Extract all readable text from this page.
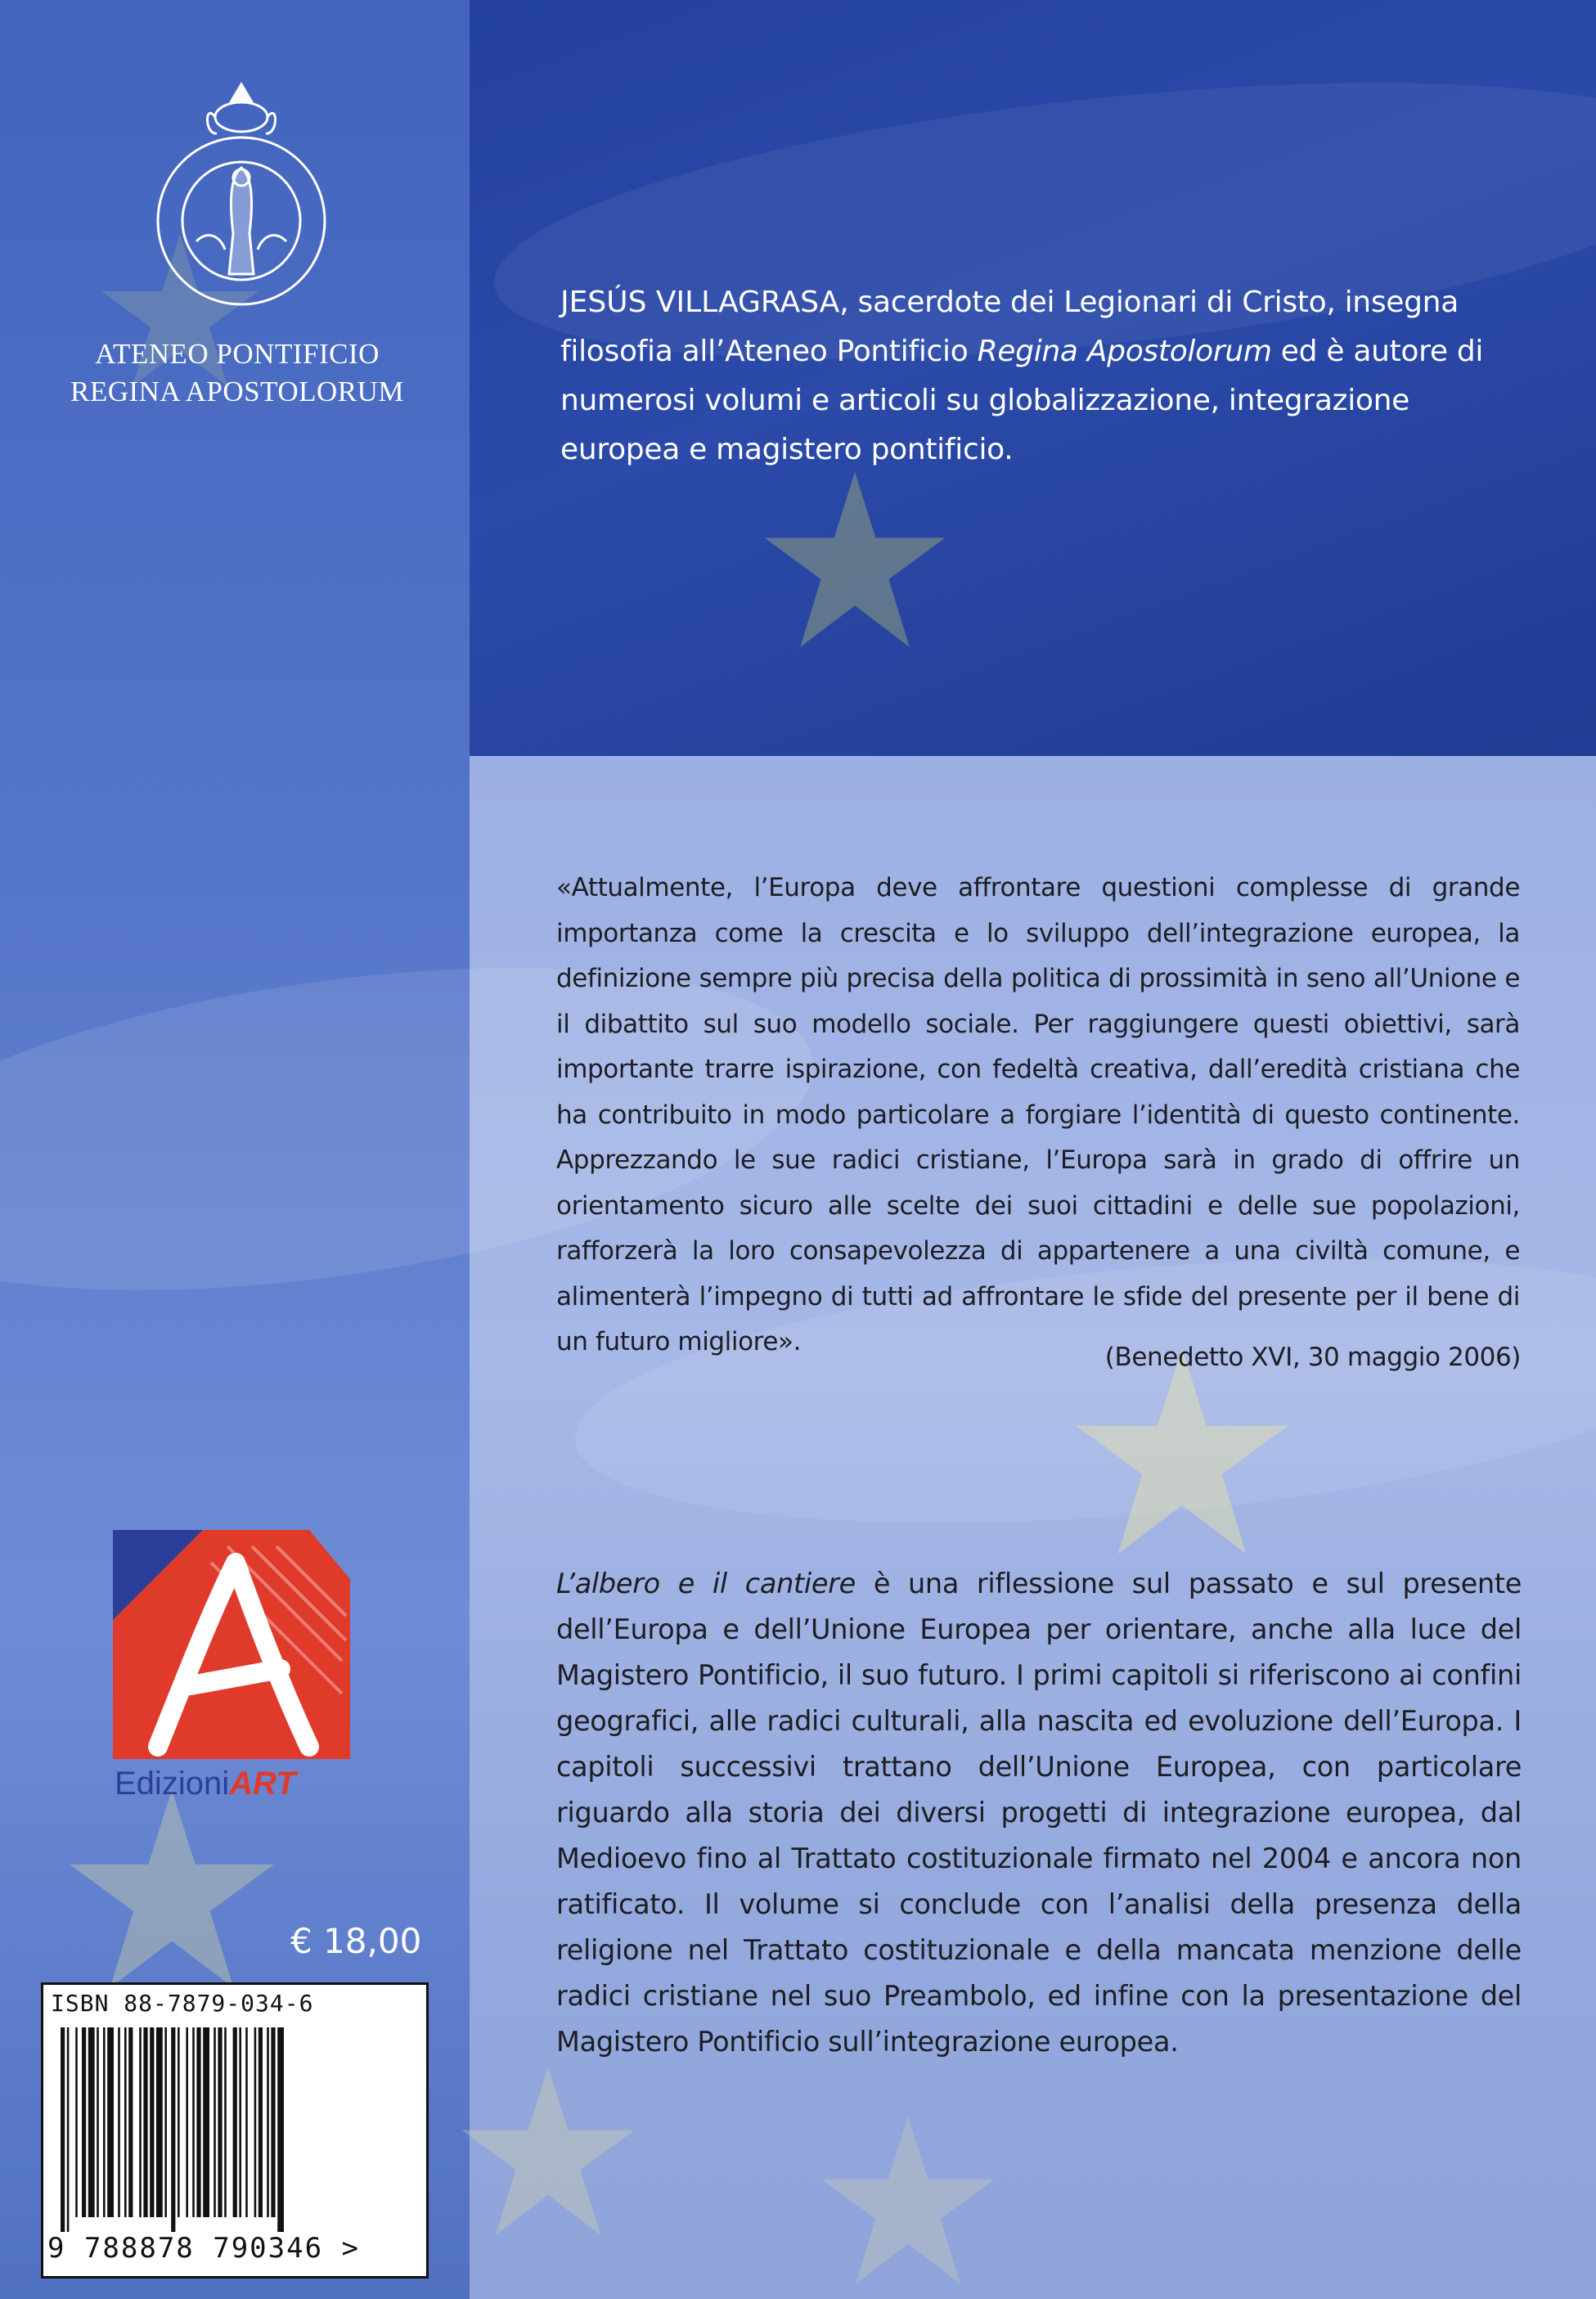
ATENEO PONTIFICIO
REGINA APOSTOLORUM
JESÚS VILLAGRASA, sacerdote dei Legionari di Cristo, insegna filosofia all’Ateneo Pontificio Regina Apostolorum ed è autore di numerosi volumi e articoli su globalizzazione, integrazione europea e magistero pontificio.
«Attualmente, l’Europa deve affrontare questioni complesse di grande importanza come la crescita e lo sviluppo dell’integrazione europea, la definizione sempre più precisa della politica di prossimità in seno all’Unione e il dibattito sul suo modello sociale. Per raggiungere questi obiettivi, sarà importante trarre ispirazione, con fedeltà creativa, dall’eredità cristiana che ha contribuito in modo particolare a forgiare l’identità di questo continente. Apprezzando le sue radici cristiane, l’Europa sarà in grado di offrire un orientamento sicuro alle scelte dei suoi cittadini e delle sue popolazioni, rafforzerà la loro consapevolezza di appartenere a una civiltà comune, e alimenterà l’impegno di tutti ad affrontare le sfide del presente per il bene di un futuro migliore».
(Benedetto XVI, 30 maggio 2006)
L’albero e il cantiere è una riflessione sul passato e sul presente dell’Europa e dell’Unione Europea per orientare, anche alla luce del Magistero Pontificio, il suo futuro. I primi capitoli si riferiscono ai confini geografici, alle radici culturali, alla nascita ed evoluzione dell’Europa. I capitoli successivi trattano dell’Unione Europea, con particolare riguardo alla storia dei diversi progetti di integrazione europea, dal Medioevo fino al Trattato costituzionale firmato nel 2004 e ancora non ratificato. Il volume si conclude con l’analisi della presenza della religione nel Trattato costituzionale e della mancata menzione delle radici cristiane nel suo Preambolo, ed infine con la presentazione del Magistero Pontificio sull’integrazione europea.
EdizioniART
€ 18,00
ISBN 88-7879-034-6
9 788878 790346 >
